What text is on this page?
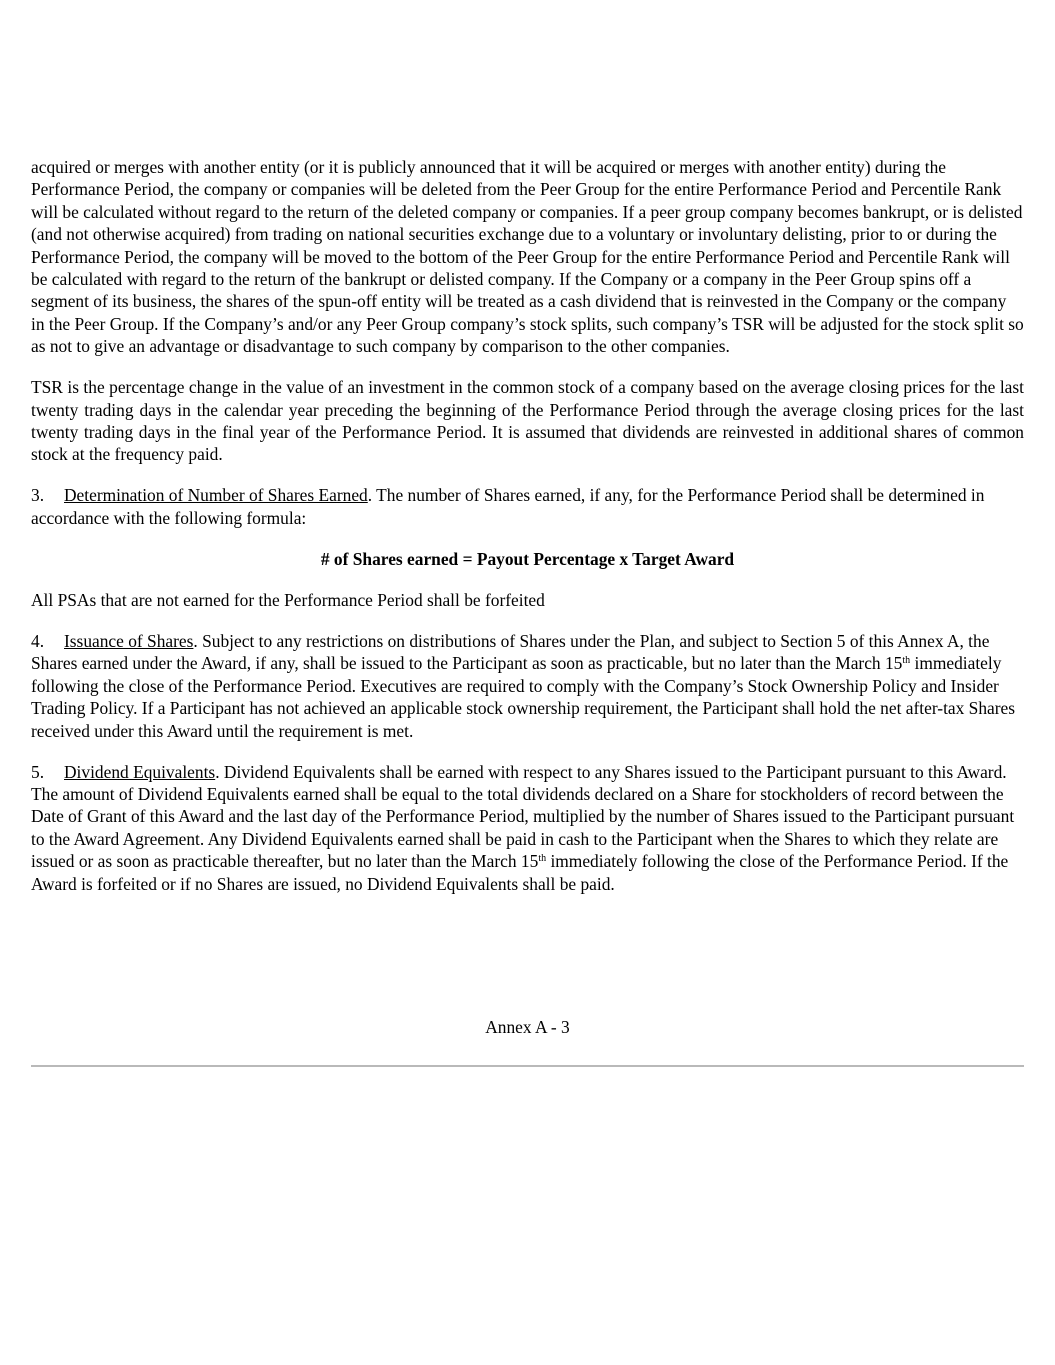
acquired or merges with another entity (or it is publicly announced that it will be acquired or merges with another entity) during the Performance Period, the company or companies will be deleted from the Peer Group for the entire Performance Period and Percentile Rank will be calculated without regard to the return of the deleted company or companies. If a peer group company becomes bankrupt, or is delisted (and not otherwise acquired) from trading on national securities exchange due to a voluntary or involuntary delisting, prior to or during the Performance Period, the company will be moved to the bottom of the Peer Group for the entire Performance Period and Percentile Rank will be calculated with regard to the return of the bankrupt or delisted company. If the Company or a company in the Peer Group spins off a segment of its business, the shares of the spun-off entity will be treated as a cash dividend that is reinvested in the Company or the company in the Peer Group. If the Company’s and/or any Peer Group company’s stock splits, such company’s TSR will be adjusted for the stock split so as not to give an advantage or disadvantage to such company by comparison to the other companies.

TSR is the percentage change in the value of an investment in the common stock of a company based on the average closing prices for the last twenty trading days in the calendar year preceding the beginning of the Performance Period through the average closing prices for the last twenty trading days in the final year of the Performance Period. It is assumed that dividends are reinvested in additional shares of common stock at the frequency paid.

3. Determination of Number of Shares Earned. The number of Shares earned, if any, for the Performance Period shall be determined in accordance with the following formula:

# of Shares earned = Payout Percentage x Target Award

All PSAs that are not earned for the Performance Period shall be forfeited

4. Issuance of Shares. Subject to any restrictions on distributions of Shares under the Plan, and subject to Section 5 of this Annex A, the Shares earned under the Award, if any, shall be issued to the Participant as soon as practicable, but no later than the March 15th immediately following the close of the Performance Period. Executives are required to comply with the Company’s Stock Ownership Policy and Insider Trading Policy. If a Participant has not achieved an applicable stock ownership requirement, the Participant shall hold the net after-tax Shares received under this Award until the requirement is met.

5. Dividend Equivalents. Dividend Equivalents shall be earned with respect to any Shares issued to the Participant pursuant to this Award. The amount of Dividend Equivalents earned shall be equal to the total dividends declared on a Share for stockholders of record between the Date of Grant of this Award and the last day of the Performance Period, multiplied by the number of Shares issued to the Participant pursuant to the Award Agreement. Any Dividend Equivalents earned shall be paid in cash to the Participant when the Shares to which they relate are issued or as soon as practicable thereafter, but no later than the March 15th immediately following the close of the Performance Period. If the Award is forfeited or if no Shares are issued, no Dividend Equivalents shall be paid.

Annex A - 3
